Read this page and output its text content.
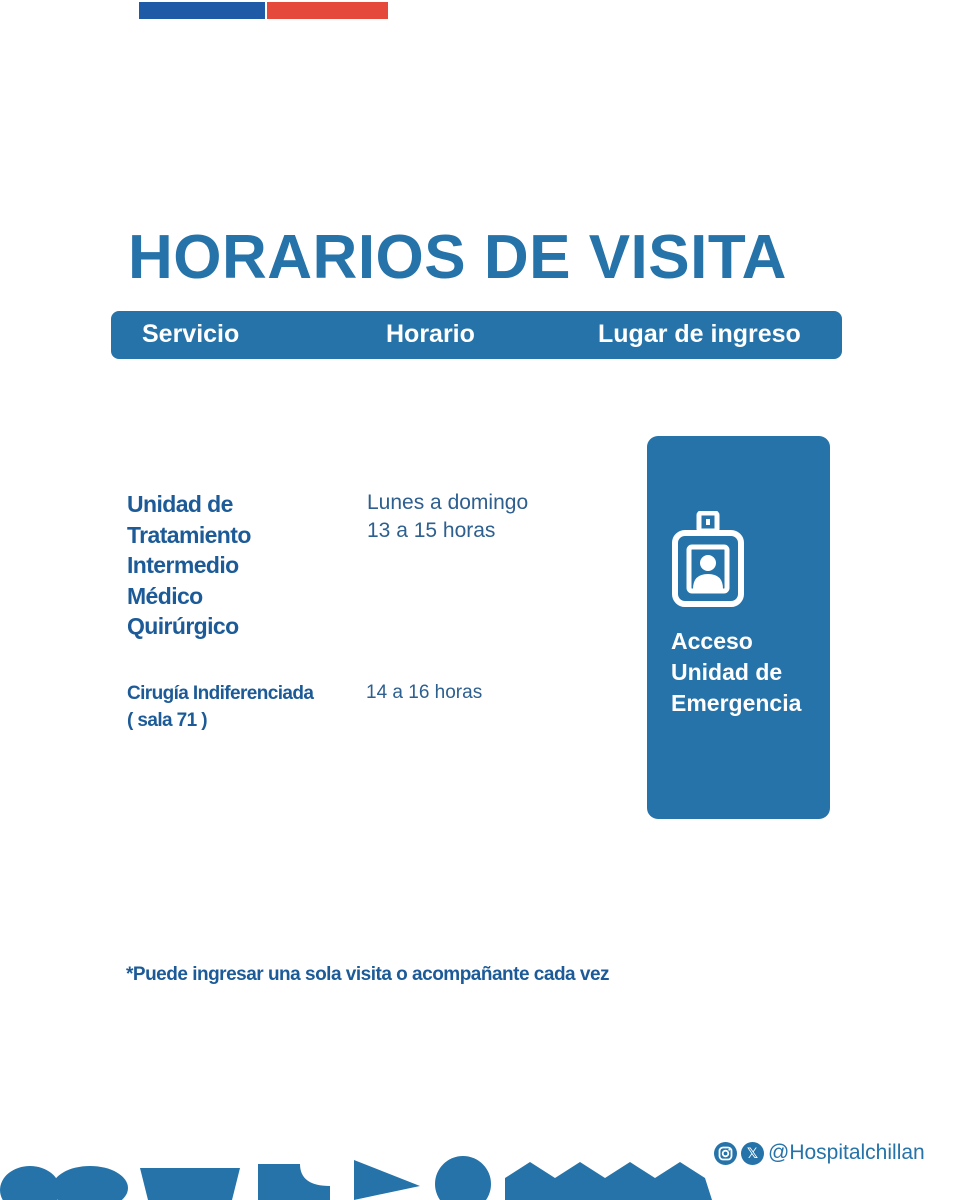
HORARIOS DE VISITA
Servicio	Horario	Lugar de ingreso
Unidad de
Tratamiento
Intermedio
Médico
Quirúrgico
Lunes a domingo
13 a 15 horas
Cirugía Indiferenciada
( sala 71 )
14 a 16 horas
Acceso
Unidad de
Emergencia

*Puede ingresar una sola visita o acompañante cada vez

𝕏 @Hospitalchillan
